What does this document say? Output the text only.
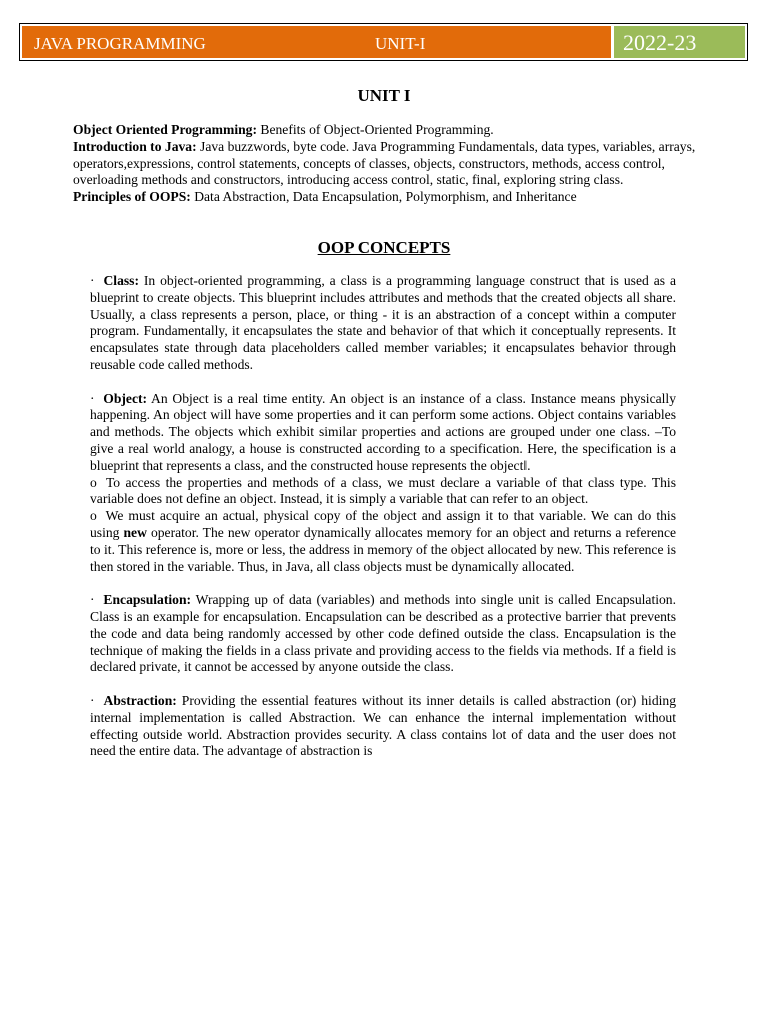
JAVA PROGRAMMING	UNIT-I	2022-23
UNIT I

Object Oriented Programming: Benefits of Object-Oriented Programming.

Introduction to Java: Java buzzwords, byte code. Java Programming Fundamentals, data types, variables, arrays, operators,expressions, control statements, concepts of classes, objects, constructors, methods, access control, overloading methods and constructors, introducing access control, static, final, exploring string class.

Principles of OOPS: Data Abstraction, Data Encapsulation, Polymorphism, and Inheritance

OOP CONCEPTS

· Class: In object-oriented programming, a class is a programming language construct that is used as a blueprint to create objects. This blueprint includes attributes and methods that the created objects all share. Usually, a class represents a person, place, or thing - it is an abstraction of a concept within a computer program. Fundamentally, it encapsulates the state and behavior of that which it conceptually represents. It encapsulates state through data placeholders called member variables; it encapsulates behavior through reusable code called methods.

· Object: An Object is a real time entity. An object is an instance of a class. Instance means physically happening. An object will have some properties and it can perform some actions. Object contains variables and methods. The objects which exhibit similar properties and actions are grouped under one class. –To give a real world analogy, a house is constructed according to a specification. Here, the specification is a blueprint that represents a class, and the constructed house represents the object‖.

o To access the properties and methods of a class, we must declare a variable of that class type. This variable does not define an object. Instead, it is simply a variable that can refer to an object.

o We must acquire an actual, physical copy of the object and assign it to that variable. We can do this using new operator. The new operator dynamically allocates memory for an object and returns a reference to it. This reference is, more or less, the address in memory of the object allocated by new. This reference is then stored in the variable. Thus, in Java, all class objects must be dynamically allocated.

· Encapsulation: Wrapping up of data (variables) and methods into single unit is called Encapsulation. Class is an example for encapsulation. Encapsulation can be described as a protective barrier that prevents the code and data being randomly accessed by other code defined outside the class. Encapsulation is the technique of making the fields in a class private and providing access to the fields via methods. If a field is declared private, it cannot be accessed by anyone outside the class.

· Abstraction: Providing the essential features without its inner details is called abstraction (or) hiding internal implementation is called Abstraction. We can enhance the internal implementation without effecting outside world. Abstraction provides security. A class contains lot of data and the user does not need the entire data. The advantage of abstraction is
